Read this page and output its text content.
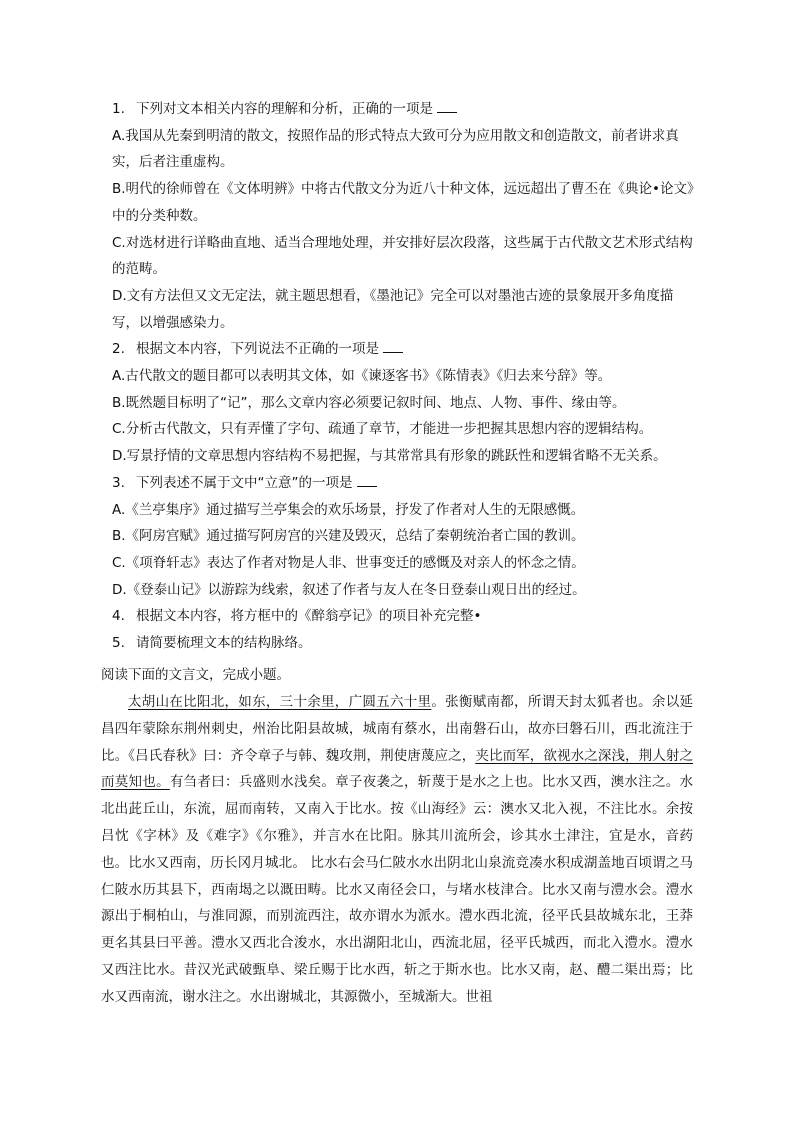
1. 下列对文本相关内容的理解和分析，正确的一项是

A.我国从先秦到明清的散文，按照作品的形式特点大致可分为应用散文和创造散文，前者讲求真实，后者注重虚构。

B.明代的徐师曾在《文体明辨》中将古代散文分为近八十种文体，远远超出了曹丕在《典论•论文》中的分类种数。

C.对选材进行详略曲直地、适当合理地处理，并安排好层次段落，这些属于古代散文艺术形式结构的范畴。

D.文有方法但又文无定法，就主题思想看，《墨池记》完全可以对墨池古迹的景象展开多角度描写，以增强感染力。

2. 根据文本内容，下列说法不正确的一项是

A.古代散文的题目都可以表明其文体，如《谏逐客书》《陈情表》《归去来兮辞》等。

B.既然题目标明了“记”，那么文章内容必须要记叙时间、地点、人物、事件、缘由等。

C.分析古代散文，只有弄懂了字句、疏通了章节，才能进一步把握其思想内容的逻辑结构。

D.写景抒情的文章思想内容结构不易把握，与其常常具有形象的跳跃性和逻辑省略不无关系。

3. 下列表述不属于文中“立意”的一项是

A.《兰亭集序》通过描写兰亭集会的欢乐场景，抒发了作者对人生的无限感慨。

B.《阿房宫赋》通过描写阿房宫的兴建及毁灭，总结了秦朝统治者亡国的教训。

C.《项脊轩志》表达了作者对物是人非、世事变迁的感慨及对亲人的怀念之情。

D.《登泰山记》以游踪为线索，叙述了作者与友人在冬日登泰山观日出的经过。

4. 根据文本内容，将方框中的《醉翁亭记》的项目补充完整•

5. 请简要梳理文本的结构脉络。

阅读下面的文言文，完成小题。

太胡山在比阳北，如东，三十余里，广圆五六十里。张衡赋南都，所谓天封太狐者也。余以延昌四年蒙除东荆州刺史，州治比阳县故城，城南有蔡水，出南磐石山，故亦曰磐石川，西北流注于比。《吕氏春秋》曰：齐令章子与韩、魏攻荆，荆使唐蔑应之，夹比而军，欲视水之深浅，荆人射之而莫知也。有刍者曰：兵盛则水浅矣。章子夜袭之，斩蔑于是水之上也。比水又西，澳水注之。水北出茈丘山，东流，屈而南转，又南入于比水。按《山海经》云：澳水又北入视，不注比水。余按吕忱《字林》及《难字》《尔雅》，并言水在比阳。脉其川流所会，诊其水土津注，宜是水，音药也。比水又西南，历长冈月城北。 比水右会马仁陂水水出阴北山泉流竞凑水积成湖盖地百顷谓之马仁陂水历其县下，西南堨之以溉田畴。比水又南径会口，与堵水枝津合。比水又南与澧水会。澧水源出于桐柏山，与淮同源，而别流西注，故亦谓水为派水。澧水西北流，径平氏县故城东北，王莽更名其县曰平善。澧水又西北合浚水，水出湖阳北山，西流北屈，径平氏城西，而北入澧水。澧水又西注比水。昔汉光武破甄阜、梁丘赐于比水西，斩之于斯水也。比水又南，赵、醴二渠出焉；比水又西南流，谢水注之。水出谢城北，其源微小，至城渐大。世祖
